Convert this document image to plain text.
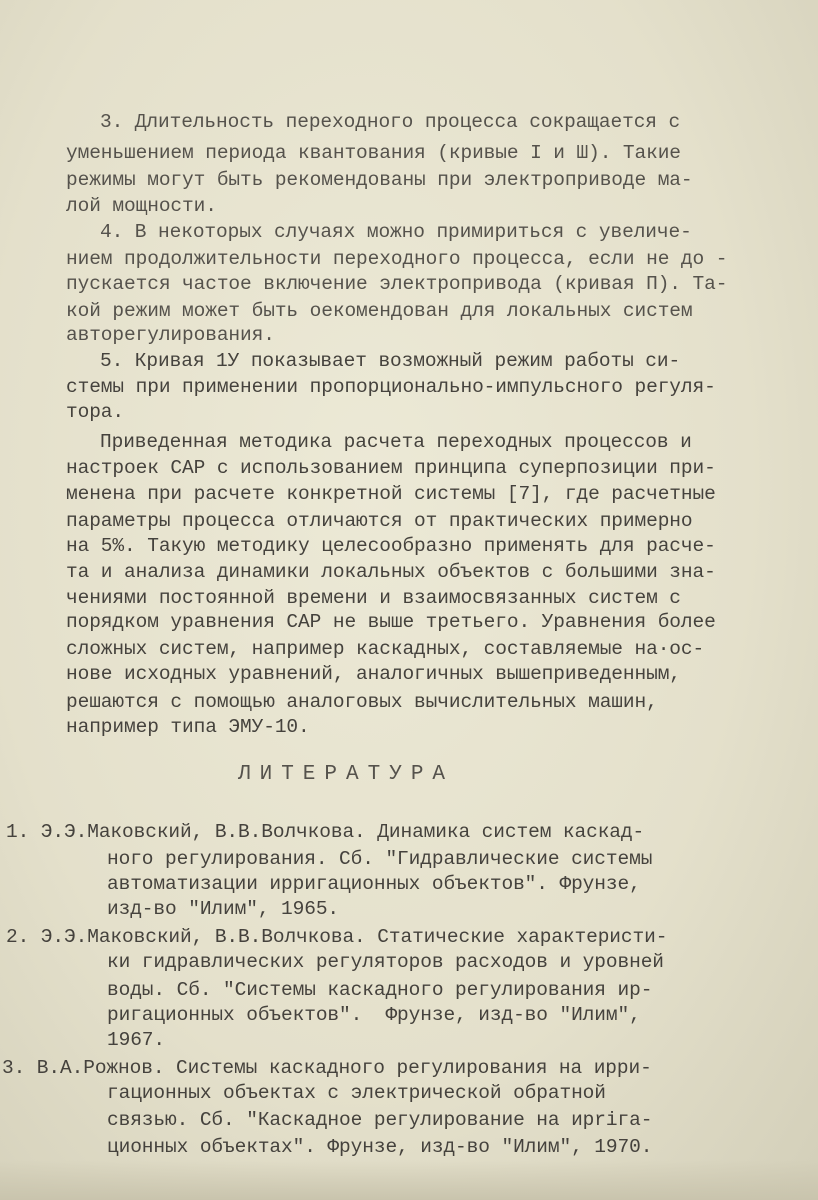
3. Длительность переходного процесса сокращается с
уменьшением периода квантования (кривые I и Ш). Такие
режимы могут быть рекомендованы при электроприводе ма-
лой мощности.
4. В некоторых случаях можно примириться с увеличе-
нием продолжительности переходного процесса, если не до -
пускается частое включение электропривода (кривая П). Та-
кой режим может быть оекомендован для локальных систем
авторегулирования.
5. Кривая 1У показывает возможный режим работы си-
стемы при применении пропорционально-импульсного регуля-
тора.
Приведенная методика расчета переходных процессов и
настроек САР с использованием принципа суперпозиции при-
менена при расчете конкретной системы [7], где расчетные
параметры процесса отличаются от практических примерно
на 5%. Такую методику целесообразно применять для расче-
та и анализа динамики локальных объектов с большими зна-
чениями постоянной времени и взаимосвязанных систем с
порядком уравнения САР не выше третьего. Уравнения более
сложных систем, например каскадных, составляемые на·ос-
нове исходных уравнений, аналогичных вышеприведенным,
решаются с помощью аналоговых вычислительных машин,
например типа ЭМУ-10.
ЛИТЕРАТУРА
1. Э.Э.Маковский, В.В.Волчкова. Динамика систем каскад-
ного регулирования. Сб. "Гидравлические системы
автоматизации ирригационных объектов". Фрунзе,
изд-во "Илим", 1965.
2. Э.Э.Маковский, В.В.Волчкова. Статические характеристи-
ки гидравлических регуляторов расходов и уровней
воды. Сб. "Системы каскадного регулирования ир-
ригационных объектов".  Фрунзе, изд-во "Илим",
1967.
3. В.А.Рожнов. Системы каскадного регулирования на ирри-
гационных объектах с электрической обратной
связью. Сб. "Каскадное регулирование на ирriга-
ционных объектах". Фрунзе, изд-во "Илим", 1970.
